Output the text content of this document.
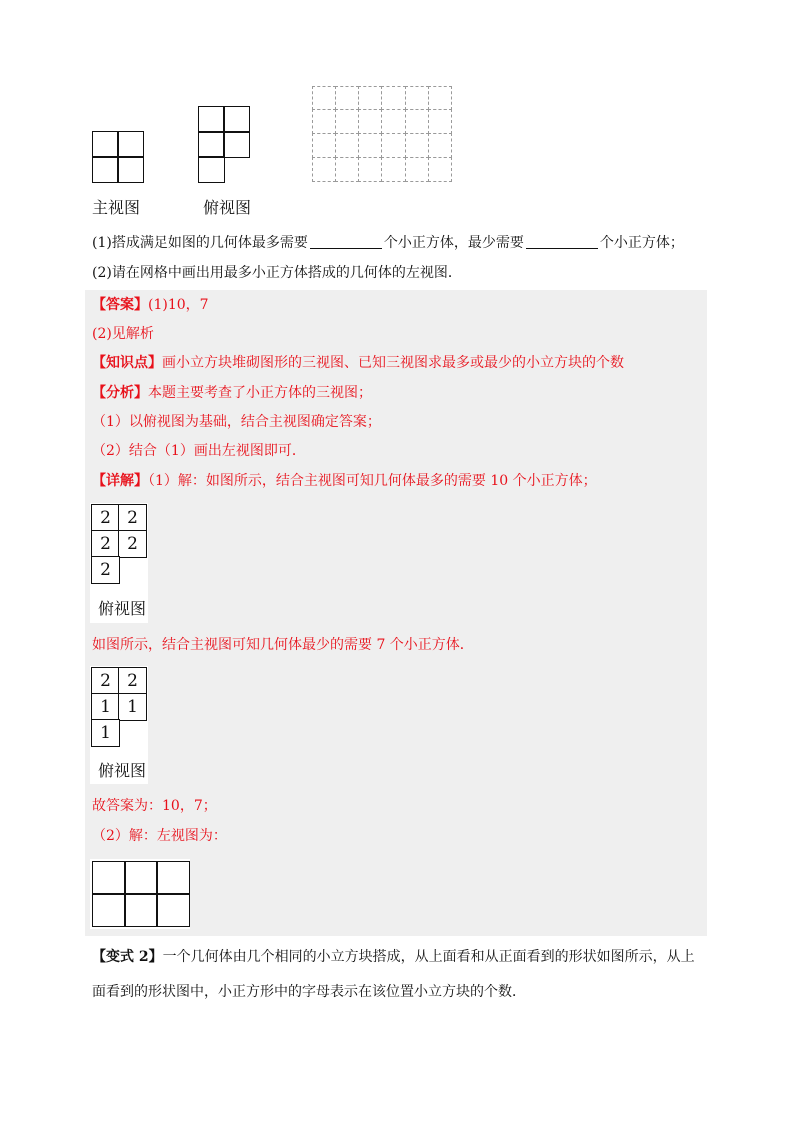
主视图	俯视图
(1)搭成满足如图的几何体最多需要	个小正方体，最少需要	个小正方体；
(2)请在网格中画出用最多小正方体搭成的几何体的左视图．
【答案】(1)10，7
(2)见解析
【知识点】画小立方块堆砌图形的三视图、已知三视图求最多或最少的小立方块的个数
【分析】本题主要考查了小正方体的三视图；
（1）以俯视图为基础，结合主视图确定答案；
（2）结合（1）画出左视图即可．
【详解】（1）解：如图所示，结合主视图可知几何体最多的需要 10 个小正方体；
2 2
2 2
2
俯视图
如图所示，结合主视图可知几何体最少的需要 7 个小正方体．
2 2
1 1
1
俯视图
故答案为：10，7；
（2）解：左视图为：
【变式 2】一个几何体由几个相同的小立方块搭成，从上面看和从正面看到的形状如图所示，从上
面看到的形状图中，小正方形中的字母表示在该位置小立方块的个数．
